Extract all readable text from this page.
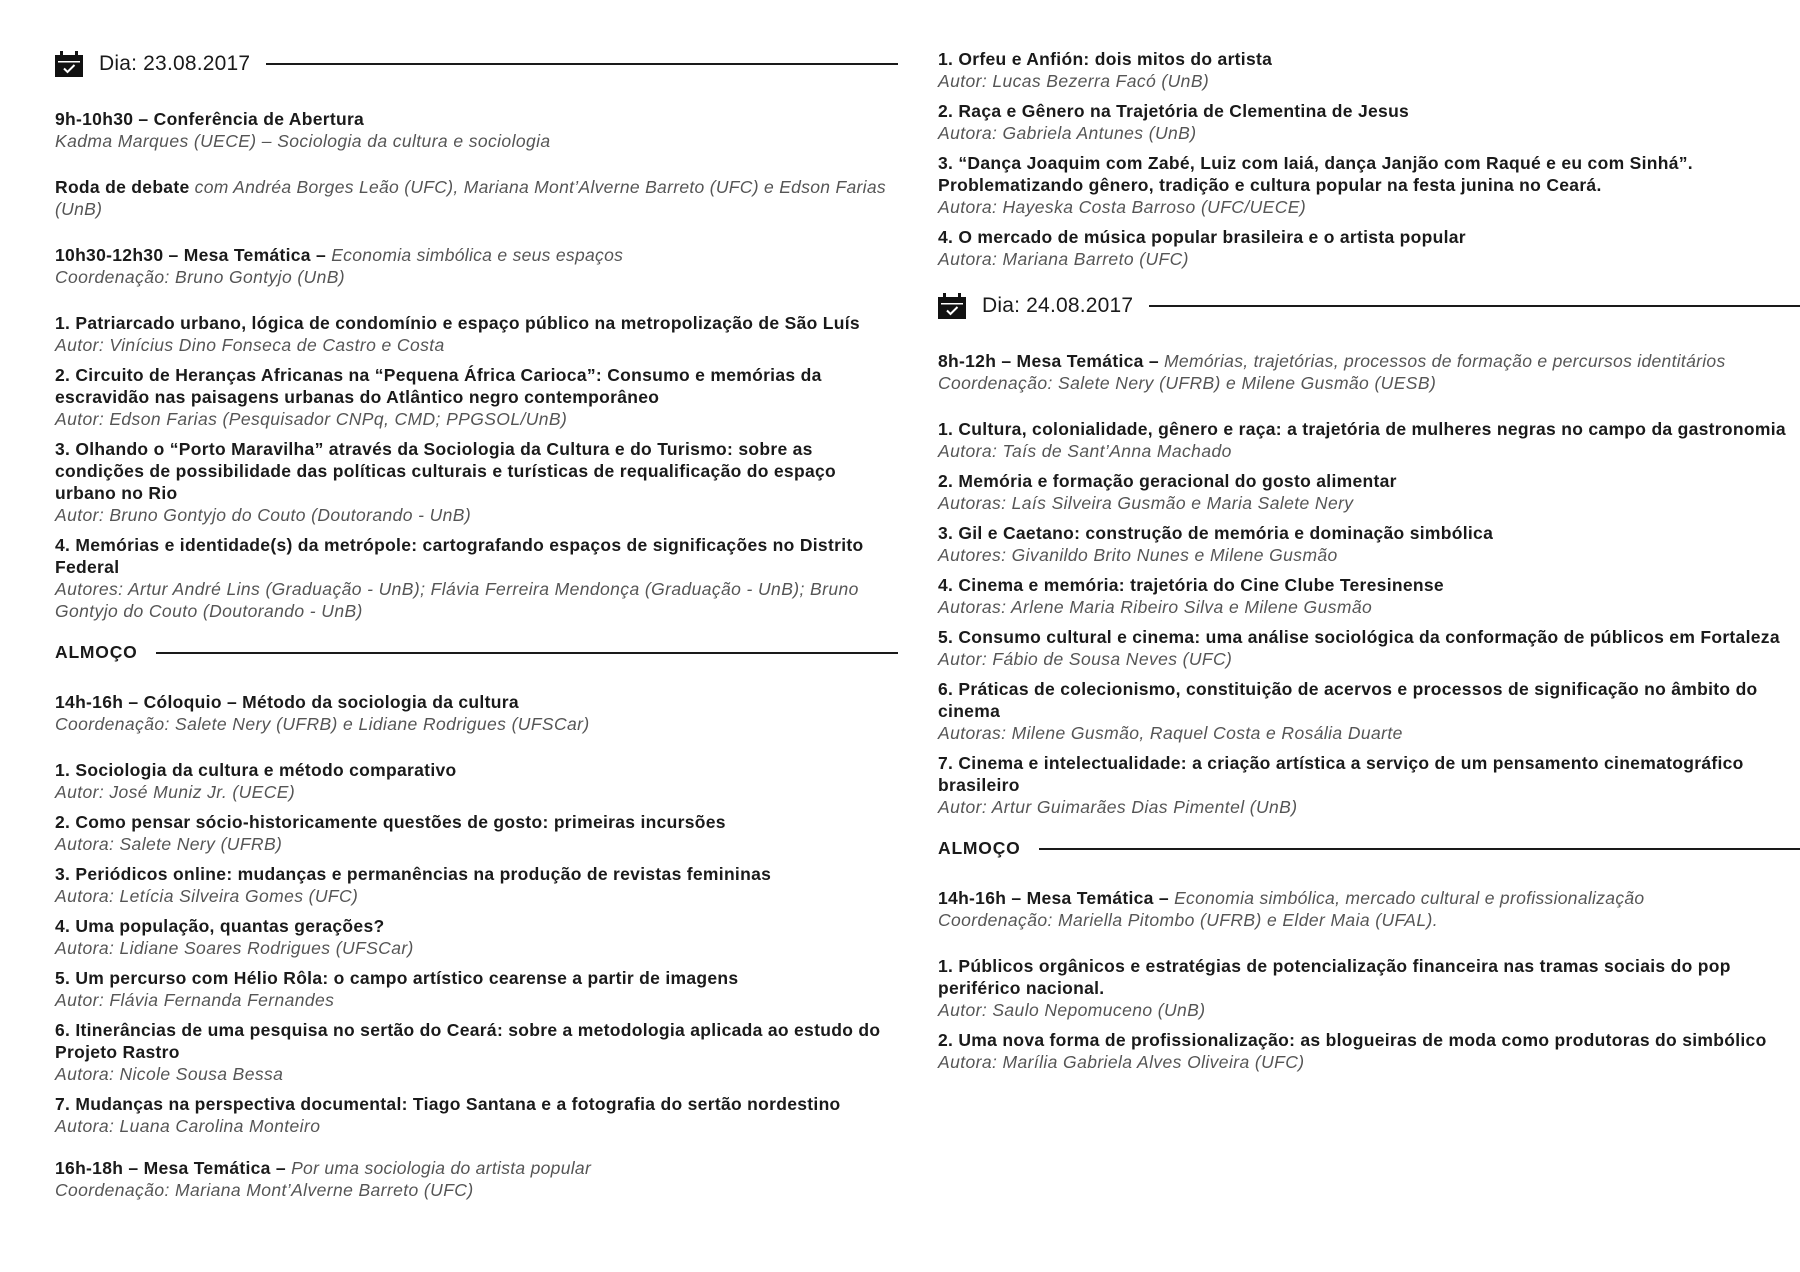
Dia: 23.08.2017
9h-10h30 – Conferência de Abertura
Kadma Marques (UECE) – Sociologia da cultura e sociologia
Roda de debate com Andréa Borges Leão (UFC), Mariana Mont’Alverne Barreto (UFC) e Edson Farias (UnB)
10h30-12h30 – Mesa Temática – Economia simbólica e seus espaços
Coordenação: Bruno Gontyjo (UnB)
1. Patriarcado urbano, lógica de condomínio e espaço público na metropolização de São Luís
Autor: Vinícius Dino Fonseca de Castro e Costa
2. Circuito de Heranças Africanas na “Pequena África Carioca”: Consumo e memórias da escravidão nas paisagens urbanas do Atlântico negro contemporâneo
Autor: Edson Farias (Pesquisador CNPq, CMD; PPGSOL/UnB)
3. Olhando o “Porto Maravilha” através da Sociologia da Cultura e do Turismo: sobre as condições de possibilidade das políticas culturais e turísticas de requalificação do espaço urbano no Rio
Autor: Bruno Gontyjo do Couto (Doutorando - UnB)
4. Memórias e identidade(s) da metrópole: cartografando espaços de significações no Distrito Federal
Autores: Artur André Lins (Graduação - UnB); Flávia Ferreira Mendonça (Graduação - UnB); Bruno Gontyjo do Couto (Doutorando - UnB)
ALMOÇO
14h-16h – Cóloquio – Método da sociologia da cultura
Coordenação: Salete Nery (UFRB) e Lidiane Rodrigues (UFSCar)
1. Sociologia da cultura e método comparativo
Autor: José Muniz Jr. (UECE)
2. Como pensar sócio-historicamente questões de gosto: primeiras incursões
Autora: Salete Nery (UFRB)
3. Periódicos online: mudanças e permanências na produção de revistas femininas
Autora: Letícia Silveira Gomes (UFC)
4. Uma população, quantas gerações?
Autora: Lidiane Soares Rodrigues (UFSCar)
5. Um percurso com Hélio Rôla: o campo artístico cearense a partir de imagens
Autor: Flávia Fernanda Fernandes
6. Itinerâncias de uma pesquisa no sertão do Ceará: sobre a metodologia aplicada ao estudo do Projeto Rastro
Autora: Nicole Sousa Bessa
7. Mudanças na perspectiva documental: Tiago Santana e a fotografia do sertão nordestino
Autora: Luana Carolina Monteiro
16h-18h – Mesa Temática – Por uma sociologia do artista popular
Coordenação: Mariana Mont’Alverne Barreto (UFC)
1. Orfeu e Anfión: dois mitos do artista
Autor: Lucas Bezerra Facó (UnB)
2. Raça e Gênero na Trajetória de Clementina de Jesus
Autora: Gabriela Antunes (UnB)
3. “Dança Joaquim com Zabé, Luiz com Iaiá, dança Janjão com Raqué e eu com Sinhá”. Problematizando gênero, tradição e cultura popular na festa junina no Ceará.
Autora: Hayeska Costa Barroso (UFC/UECE)
4. O mercado de música popular brasileira e o artista popular
Autora: Mariana Barreto (UFC)
Dia: 24.08.2017
8h-12h – Mesa Temática – Memórias, trajetórias, processos de formação e percursos identitários
Coordenação: Salete Nery (UFRB) e Milene Gusmão (UESB)
1. Cultura, colonialidade, gênero e raça: a trajetória de mulheres negras no campo da gastronomia
Autora: Taís de Sant’Anna Machado
2. Memória e formação geracional do gosto alimentar
Autoras: Laís Silveira Gusmão e Maria Salete Nery
3. Gil e Caetano: construção de memória e dominação simbólica
Autores: Givanildo Brito Nunes e Milene Gusmão
4. Cinema e memória: trajetória do Cine Clube Teresinense
Autoras: Arlene Maria Ribeiro Silva e Milene Gusmão
5. Consumo cultural e cinema: uma análise sociológica da conformação de públicos em Fortaleza
Autor: Fábio de Sousa Neves (UFC)
6. Práticas de colecionismo, constituição de acervos e processos de significação no âmbito do cinema
Autoras: Milene Gusmão, Raquel Costa e Rosália Duarte
7. Cinema e intelectualidade: a criação artística a serviço de um pensamento cinematográfico brasileiro
Autor: Artur Guimarães Dias Pimentel (UnB)
ALMOÇO
14h-16h – Mesa Temática – Economia simbólica, mercado cultural e profissionalização
Coordenação: Mariella Pitombo (UFRB) e Elder Maia (UFAL).
1. Públicos orgânicos e estratégias de potencialização financeira nas tramas sociais do pop periférico nacional.
Autor: Saulo Nepomuceno (UnB)
2. Uma nova forma de profissionalização: as blogueiras de moda como produtoras do simbólico
Autora: Marília Gabriela Alves Oliveira (UFC)
